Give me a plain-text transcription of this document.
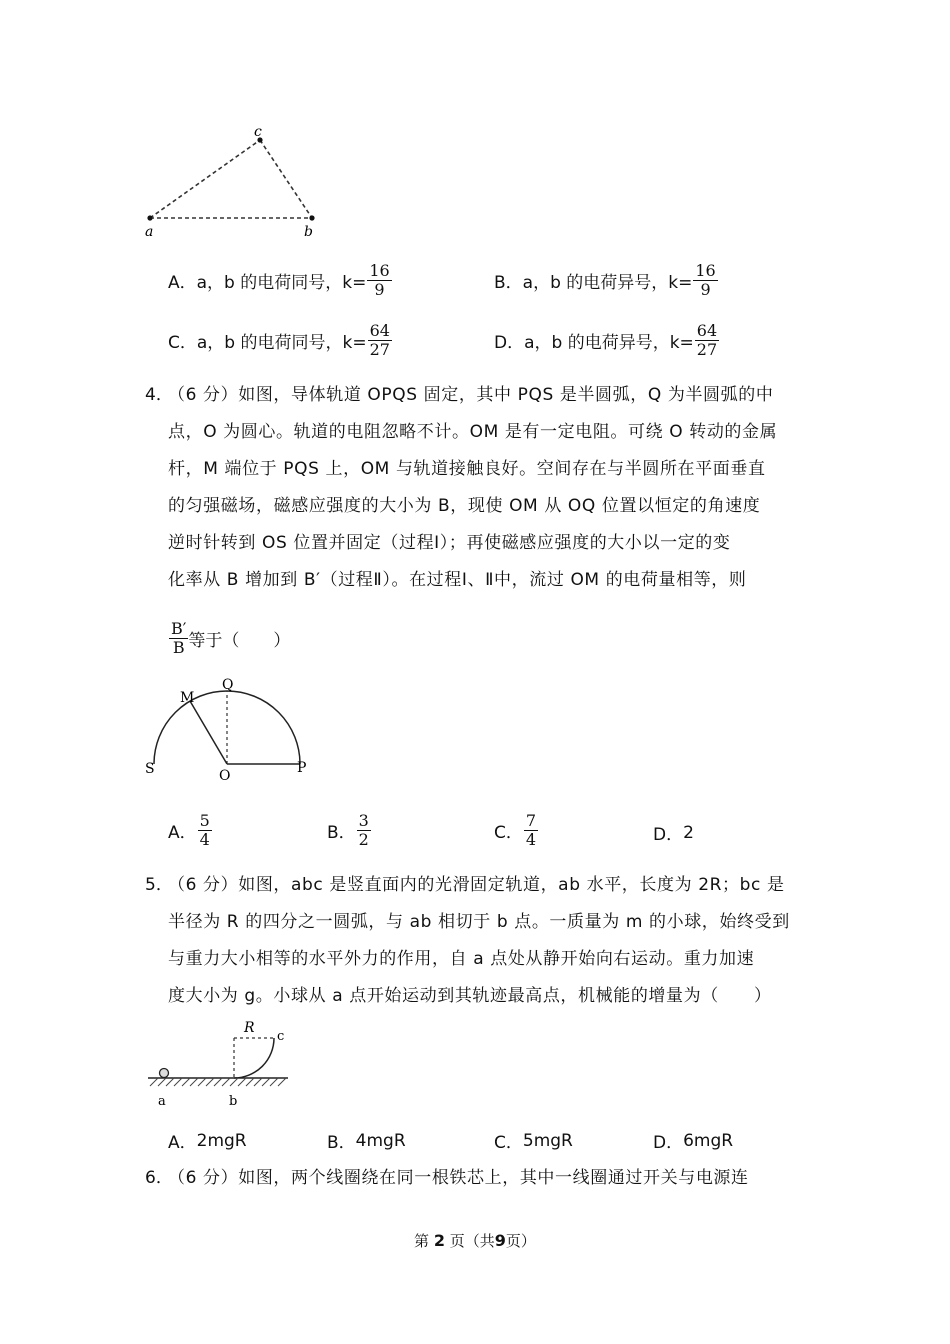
c
a	b
A． a，b 的电荷同号，$k= \frac{16}{9}$	B． a，b 的电荷异号，$k= \frac{16}{9}$
C． a，b 的电荷同号，$k= \frac{64}{27}$	D． a，b 的电荷异号，$k= \frac{64}{27}$
4．
（6 分）如图，导体轨道 OPQS 固定，其中 PQS 是半圆弧，Q 为半圆弧的中
点，O 为圆心。轨道的电阻忽略不计。OM 是有一定电阻。可绕 O 转动的金属
杆，M 端位于 PQS 上，OM 与轨道接触良好。空间存在与半圆所在平面垂直
的匀强磁场，磁感应强度的大小为 B，现使 OM 从 OQ 位置以恒定的角速度
逆时针转到 OS 位置并固定（过程Ⅰ）；再使磁感应强度的大小以一定的变
化率从 B 增加到 B′（过程Ⅱ）。在过程Ⅰ、Ⅱ中，流过 OM 的电荷量相等，则
$\frac{B'}{B}$ 等于（　　）
M
Q
S	O	P
A． $\frac{5}{4}$	B． $\frac{3}{2}$	C． $\frac{7}{4}$	D． 2
5．
（6 分）如图，abc 是竖直面内的光滑固定轨道，ab 水平，长度为 2R；bc 是
半径为 R 的四分之一圆弧，与 ab 相切于 b 点。一质量为 m 的小球，始终受到
与重力大小相等的水平外力的作用，自 a 点处从静开始向右运动。重力加速
度大小为 g。小球从 a 点开始运动到其轨迹最高点，机械能的增量为（　　）
R
c
a	b
A． 2mgR	B． 4mgR	C． 5mgR	D． 6mgR
6．
（6 分）如图，两个线圈绕在同一根铁芯上，其中一线圈通过开关与电源连
第 2 页（共9页）
